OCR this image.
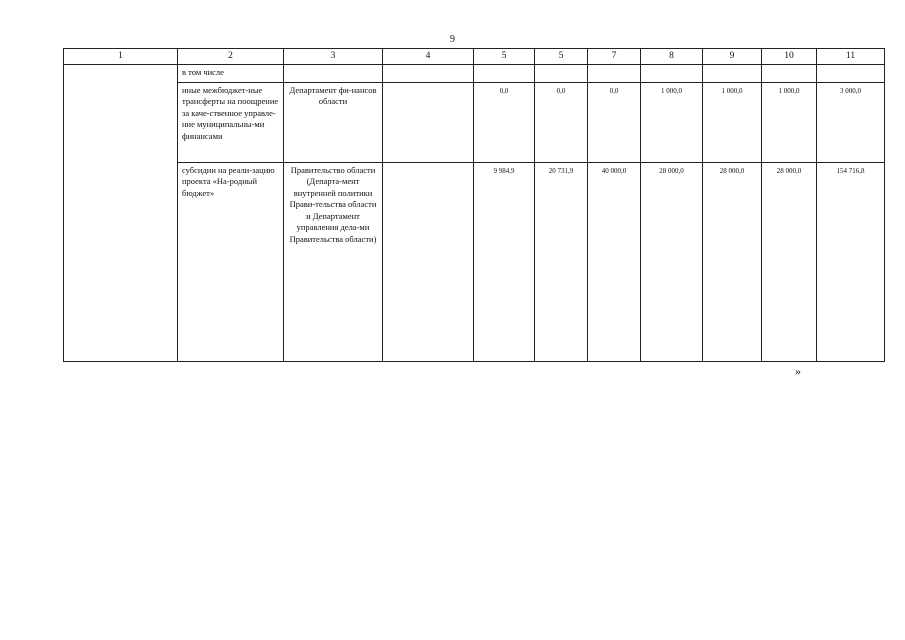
9
1	2	3	4	5	5	7	8	9	10	11
	в том числе									
	иные межбюджет-ные трансферты на поощрение за каче-ственное управле-ние муниципальны-ми финансами	Департамент фи-нансов области		0,0	0,0	0,0	1 000,0	1 000,0	1 000,0	3 000,0
	субсидии на реали-зацию проекта «На-родный бюджет»	Правительство области (Департа-мент внутренней политики Прави-тельства области и Департамент управления дела-ми Правительства области)		9 984,9	20 731,9	40 000,0	28 000,0	28 000,0	28 000,0	154 716,8
»
